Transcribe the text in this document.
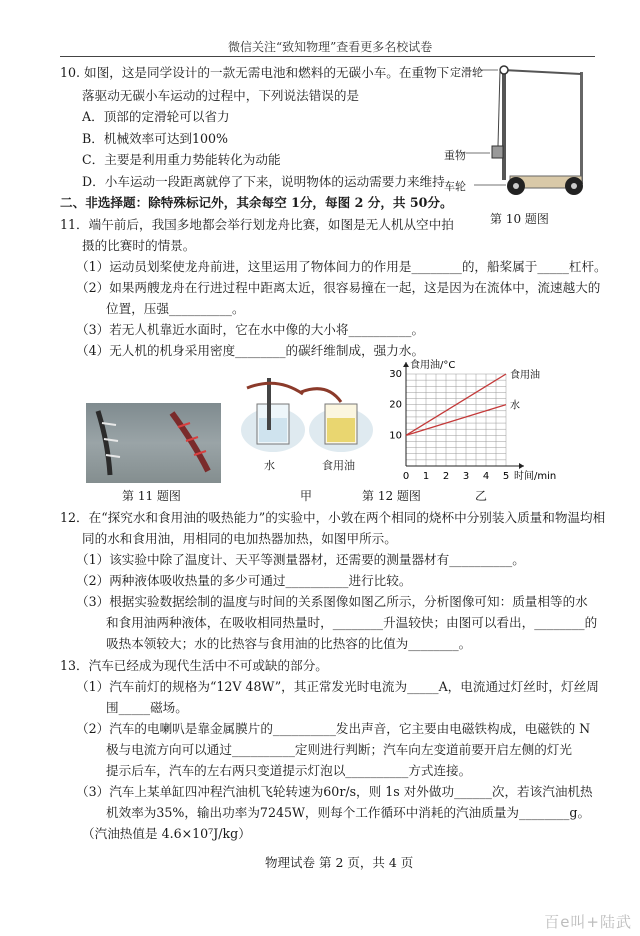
微信关注“致知物理”查看更多名校试卷
10. 如图，这是同学设计的一款无需电池和燃料的无碳小车。在重物下
落驱动无碳小车运动的过程中，下列说法错误的是
A．顶部的定滑轮可以省力
B．机械效率可达到100%
C．主要是利用重力势能转化为动能
D．小车运动一段距离就停了下来，说明物体的运动需要力来维持
定滑轮
重物
车轮
第 10 题图
二、非选择题：除特殊标记外，其余每空 1分，每图 2 分，共 50分。
11．端午前后，我国多地都会举行划龙舟比赛，如图是无人机从空中拍
摄的比赛时的情景。
（1）运动员划桨使龙舟前进，这里运用了物体间力的作用是________的，船桨属于_____杠杆。
（2）如果两艘龙舟在行进过程中距离太近，很容易撞在一起，这是因为在流体中，流速越大的
位置，压强__________。
（3）若无人机靠近水面时，它在水中像的大小将__________。
（4）无人机的机身采用密度________的碳纤维制成，强力水。
第 11 题图
水	食用油
甲	第 12 题图
0 1 2 3 4 5
10
20
30
食用油/°C
时间/min
食用油
水
乙
12．在“探究水和食用油的吸热能力”的实验中，小敦在两个相同的烧杯中分别装入质量和物温均相
同的水和食用油，用相同的电加热器加热，如图甲所示。
（1）该实验中除了温度计、天平等测量器材，还需要的测量器材有__________。
（2）两种液体吸收热量的多少可通过__________进行比较。
（3）根据实验数据绘制的温度与时间的关系图像如图乙所示，分析图像可知：质量相等的水
和食用油两种液体，在吸收相同热量时，________升温较快；由图可以看出，________的
吸热本领较大；水的比热容与食用油的比热容的比值为________。
13．汽车已经成为现代生活中不可或缺的部分。
（1）汽车前灯的规格为“12V 48W”，其正常发光时电流为_____A，电流通过灯丝时，灯丝周
围_____磁场。
（2）汽车的电喇叭是靠金属膜片的__________发出声音，它主要由电磁铁构成，电磁铁的 N
极与电流方向可以通过__________定则进行判断；汽车向左变道前要开启左侧的灯光
提示后车，汽车的左右两只变道提示灯泡以__________方式连接。
（3）汽车上某单缸四冲程汽油机飞轮转速为60r/s，则 1s 对外做功______次，若该汽油机热
机效率为35%，输出功率为7245W，则每个工作循环中消耗的汽油质量为________g。
（汽油热值是 4.6×10⁷J/kg）
物理试卷 第 2 页，共 4 页
百e叫+陆武
